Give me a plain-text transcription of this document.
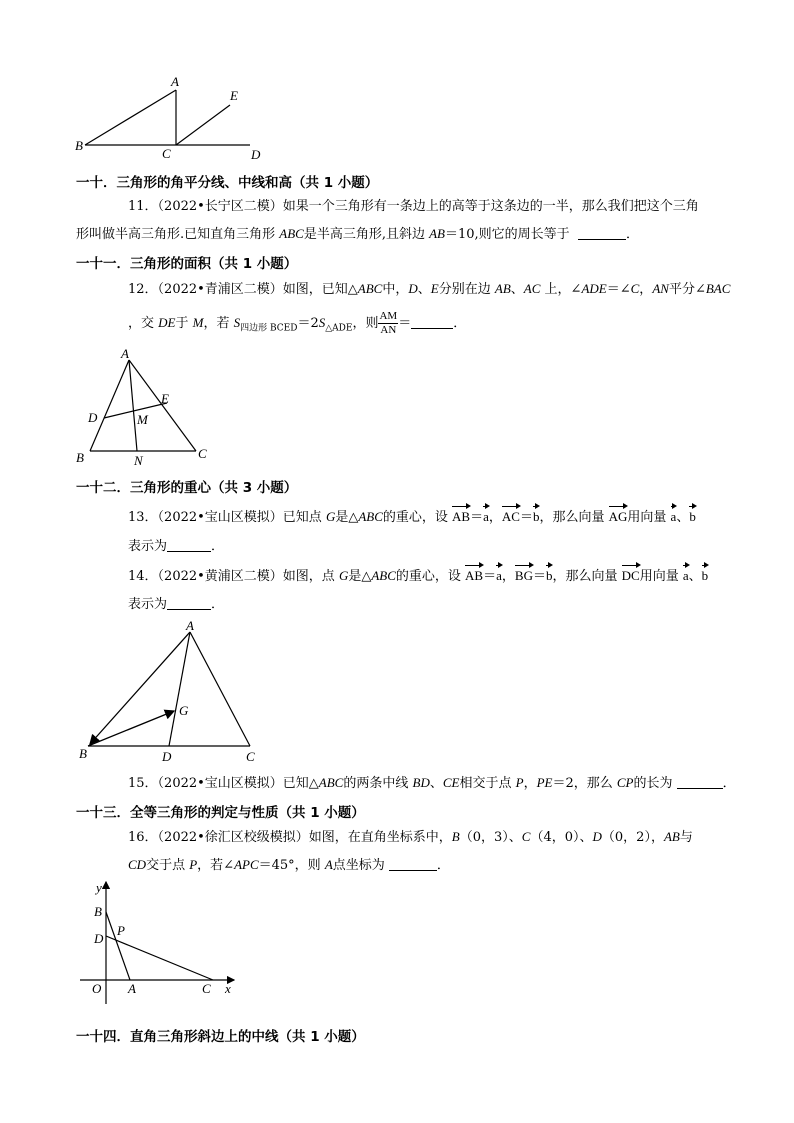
A
B
C	D
E
一十．三角形的角平分线、中线和高（共 1 小题）
11．（2022•长宁区二模）如果一个三角形有一条边上的高等于这条边的一半，那么我们把这个三角
形叫做半高三角形.已知直角三角形 ABC是半高三角形,且斜边 AB＝10,则它的周长等于	．
一十一．三角形的面积（共 1 小题）
12．（2022•青浦区二模）如图，已知△ABC中，D、E分别在边 AB、AC 上，∠ADE＝∠C，AN平分∠BAC
，交 DE于 M，若 $S_{四边形 BCED}=2S_{\triangle ADE}$，则 $\frac{AM}{AN}$ ＝	．
A
B	C
D
E
M
N
一十二．三角形的重心（共 3 小题）
13．（2022•宝山区模拟）已知点 G是△ABC的重心，设 AB＝a，AC＝b，那么向量 AG用向量 a、b
表示为	．
14．（2022•黄浦区二模）如图，点 G是△ABC的重心，设 AB＝a，BG＝b，那么向量 DC用向量 a、b
表示为	．
A
B	C
D
G
15．（2022•宝山区模拟）已知△ABC的两条中线 BD、CE相交于点 P，PE＝2，那么 CP的长为	．
一十三．全等三角形的判定与性质（共 1 小题）
16．（2022•徐汇区校级模拟）如图，在直角坐标系中，B（0，3）、C（4，0）、D（0，2），AB与
CD交于点 P，若∠APC＝45°，则 A点坐标为	．
y
x
B
D
P
O A	C
一十四．直角三角形斜边上的中线（共 1 小题）
